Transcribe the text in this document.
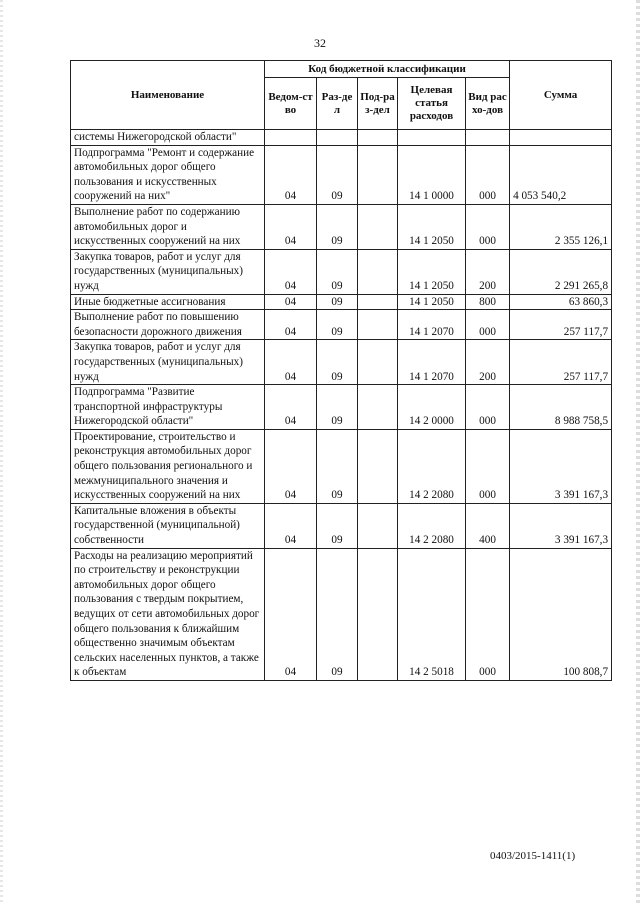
32
Наименование	Код бюджетной классификации					Сумма
	Ведом-ство	Раз-дел	Под-раз-дел	Целевая статья расходов	Вид расхо-дов	
системы Нижегородской области"						
Подпрограмма "Ремонт и содержание автомобильных дорог общего пользования и искусственных сооружений на них"	04	09		14 1 0000	000	4 053 540,2
Выполнение работ по содержанию автомобильных дорог и искусственных сооружений на них	04	09		14 1 2050	000	2 355 126,1
Закупка товаров, работ и услуг для государственных (муниципальных) нужд	04	09		14 1 2050	200	2 291 265,8
Иные бюджетные ассигнования	04	09		14 1 2050	800	63 860,3
Выполнение работ по повышению безопасности дорожного движения	04	09		14 1 2070	000	257 117,7
Закупка товаров, работ и услуг для государственных (муниципальных) нужд	04	09		14 1 2070	200	257 117,7
Подпрограмма "Развитие транспортной инфраструктуры Нижегородской области"	04	09		14 2 0000	000	8 988 758,5
Проектирование, строительство и реконструкция автомобильных дорог общего пользования регионального и межмуниципального значения и искусственных сооружений на них	04	09		14 2 2080	000	3 391 167,3
Капитальные вложения в объекты государственной (муниципальной) собственности	04	09		14 2 2080	400	3 391 167,3
Расходы на реализацию мероприятий по строительству и реконструкции автомобильных дорог общего пользования с твердым покрытием, ведущих от сети автомобильных дорог общего пользования к ближайшим общественно значимым объектам сельских населенных пунктов, а также к объектам	04	09		14 2 5018	000	100 808,7
0403/2015-1411(1)
